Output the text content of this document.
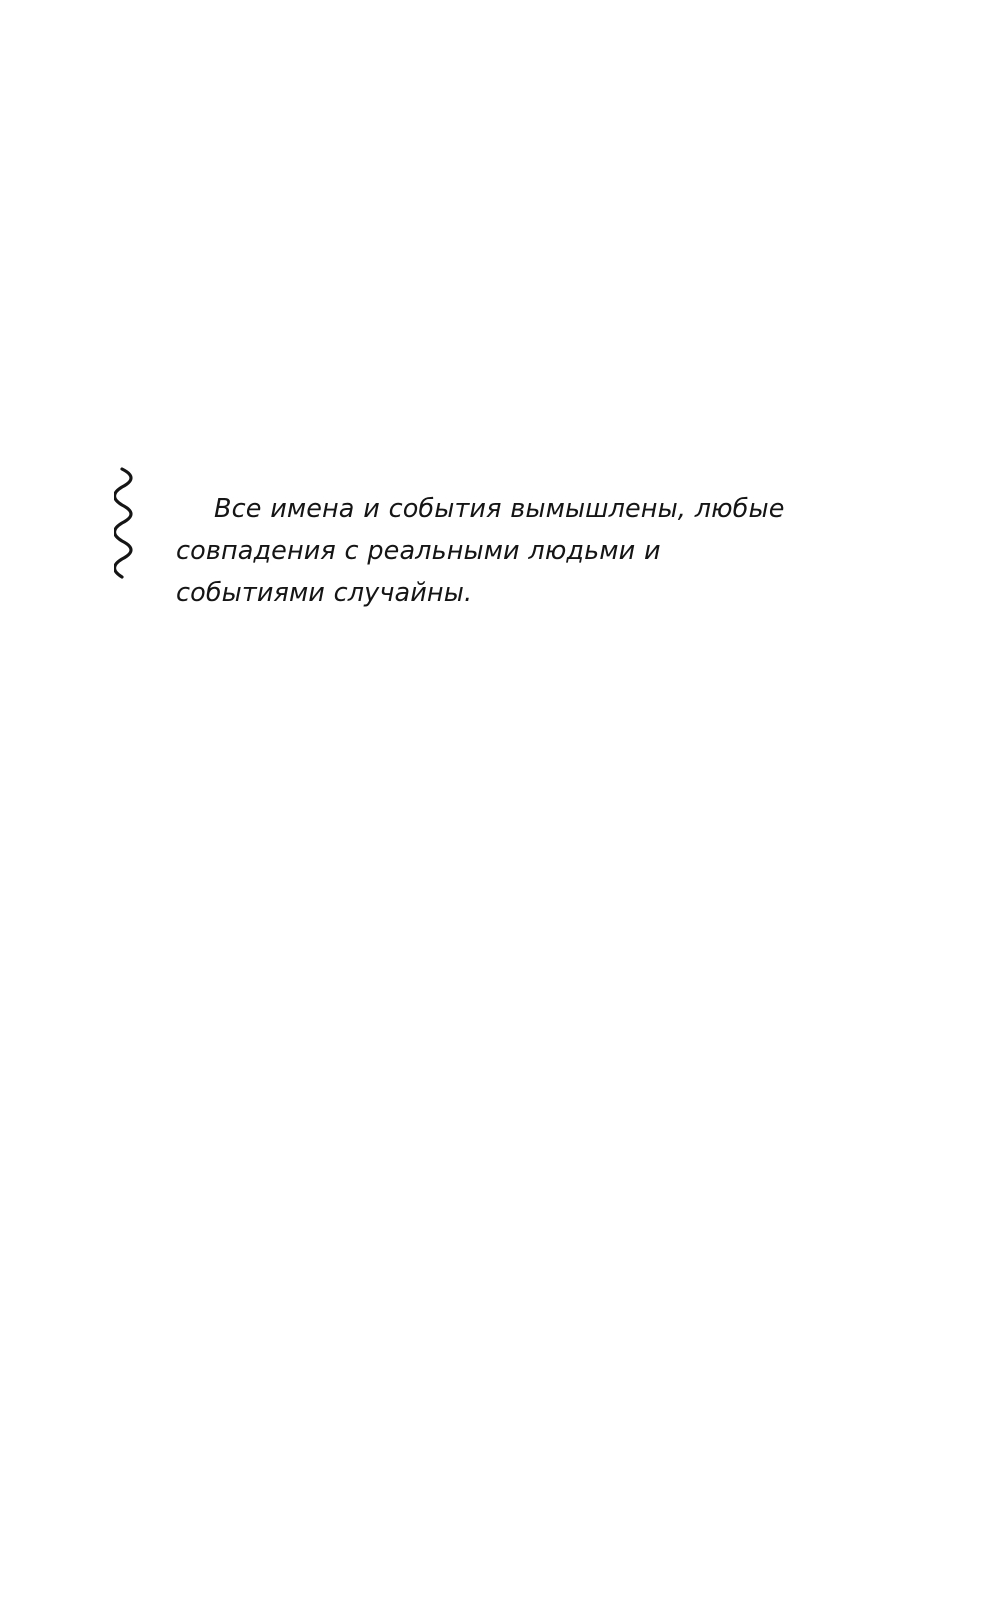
Все имена и события вымышлены, любые совпадения с реальными людьми и событиями случайны.
